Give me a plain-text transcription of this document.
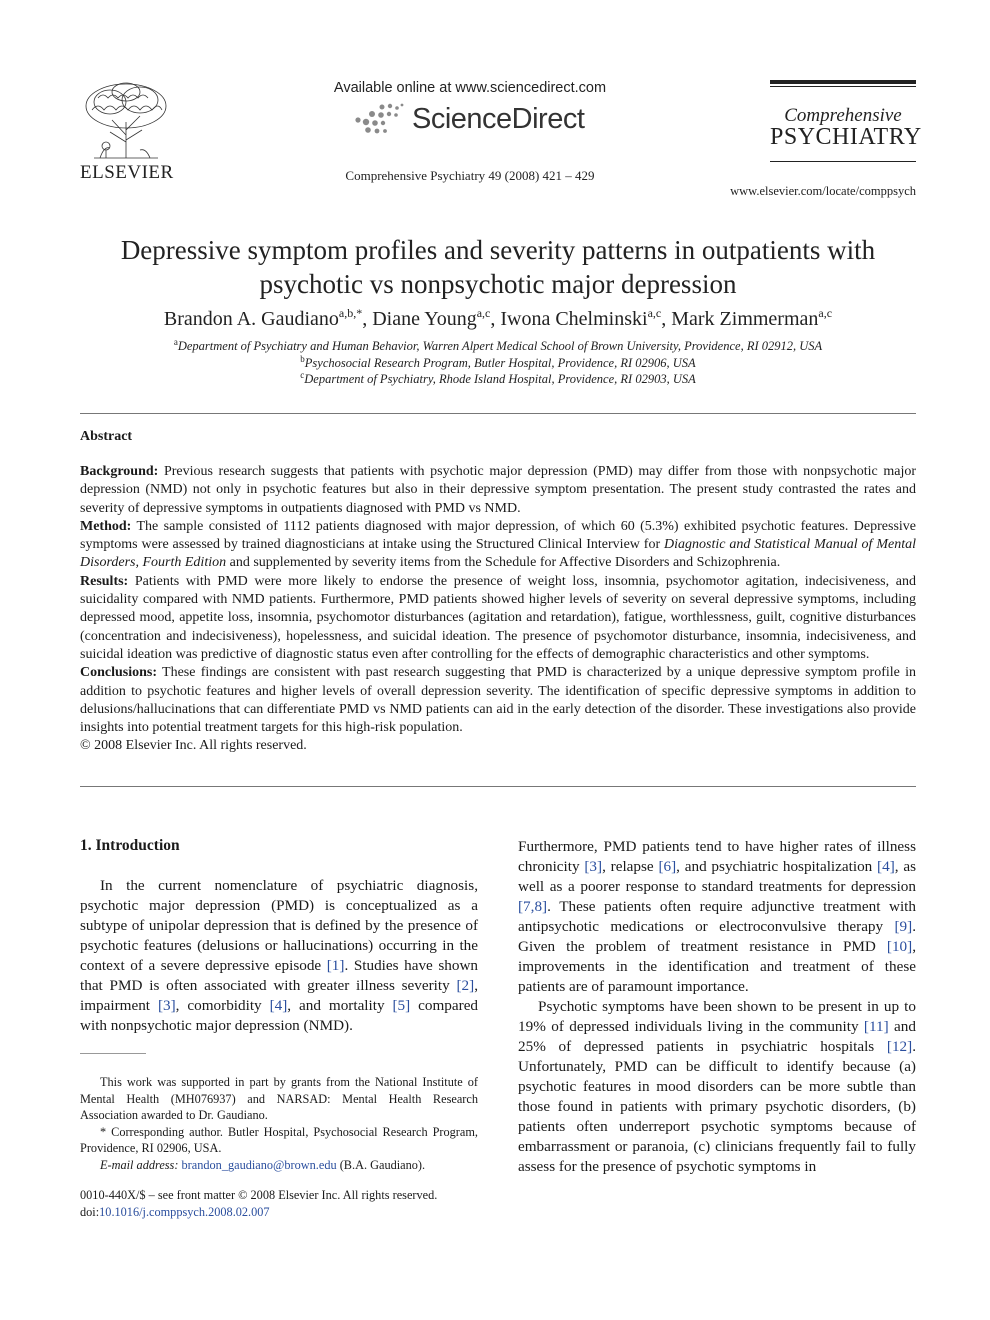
ELSEVIER
Available online at www.sciencedirect.com
ScienceDirect
Comprehensive Psychiatry 49 (2008) 421 – 429
Comprehensive
PSYCHIATRY
www.elsevier.com/locate/comppsych
Depressive symptom profiles and severity patterns in outpatients with
psychotic vs nonpsychotic major depression
Brandon A. Gaudiano$^{a,b,*}$, Diane Young$^{a,c}$, Iwona Chelminski$^{a,c}$, Mark Zimmerman$^{a,c}$
$^a$Department of Psychiatry and Human Behavior, Warren Alpert Medical School of Brown University, Providence, RI 02912, USA
$^b$Psychosocial Research Program, Butler Hospital, Providence, RI 02906, USA
$^c$Department of Psychiatry, Rhode Island Hospital, Providence, RI 02903, USA
Abstract

Background: Previous research suggests that patients with psychotic major depression (PMD) may differ from those with nonpsychotic major depression (NMD) not only in psychotic features but also in their depressive symptom presentation. The present study contrasted the rates and severity of depressive symptoms in outpatients diagnosed with PMD vs NMD.

Method: The sample consisted of 1112 patients diagnosed with major depression, of which 60 (5.3%) exhibited psychotic features. Depressive symptoms were assessed by trained diagnosticians at intake using the Structured Clinical Interview for Diagnostic and Statistical Manual of Mental Disorders, Fourth Edition and supplemented by severity items from the Schedule for Affective Disorders and Schizophrenia.

Results: Patients with PMD were more likely to endorse the presence of weight loss, insomnia, psychomotor agitation, indecisiveness, and suicidality compared with NMD patients. Furthermore, PMD patients showed higher levels of severity on several depressive symptoms, including depressed mood, appetite loss, insomnia, psychomotor disturbances (agitation and retardation), fatigue, worthlessness, guilt, cognitive disturbances (concentration and indecisiveness), hopelessness, and suicidal ideation. The presence of psychomotor disturbance, insomnia, indecisiveness, and suicidal ideation was predictive of diagnostic status even after controlling for the effects of demographic characteristics and other symptoms.

Conclusions: These findings are consistent with past research suggesting that PMD is characterized by a unique depressive symptom profile in addition to psychotic features and higher levels of overall depression severity. The identification of specific depressive symptoms in addition to delusions/hallucinations that can differentiate PMD vs NMD patients can aid in the early detection of the disorder. These investigations also provide insights into potential treatment targets for this high-risk population.

© 2008 Elsevier Inc. All rights reserved.

1. Introduction

In the current nomenclature of psychiatric diagnosis, psychotic major depression (PMD) is conceptualized as a subtype of unipolar depression that is defined by the presence of psychotic features (delusions or hallucinations) occurring in the context of a severe depressive episode [1]. Studies have shown that PMD is often associated with greater illness severity [2], impairment [3], comorbidity [4], and mortality [5] compared with nonpsychotic major depression (NMD).

Furthermore, PMD patients tend to have higher rates of illness chronicity [3], relapse [6], and psychiatric hospitalization [4], as well as a poorer response to standard treatments for depression [7,8]. These patients often require adjunctive treatment with antipsychotic medications or electroconvulsive therapy [9]. Given the problem of treatment resistance in PMD [10], improvements in the identification and treatment of these patients are of paramount importance.

Psychotic symptoms have been shown to be present in up to 19% of depressed individuals living in the community [11] and 25% of depressed patients in psychiatric hospitals [12]. Unfortunately, PMD can be difficult to identify because (a) psychotic features in mood disorders can be more subtle than those found in patients with primary psychotic disorders, (b) patients often underreport psychotic symptoms because of embarrassment or paranoia, (c) clinicians frequently fail to fully assess for the presence of psychotic symptoms in

This work was supported in part by grants from the National Institute of Mental Health (MH076937) and NARSAD: Mental Health Research Association awarded to Dr. Gaudiano.

* Corresponding author. Butler Hospital, Psychosocial Research Program, Providence, RI 02906, USA.

E-mail address: brandon_gaudiano@brown.edu (B.A. Gaudiano).

0010-440X/$ – see front matter © 2008 Elsevier Inc. All rights reserved.
doi:10.1016/j.comppsych.2008.02.007
